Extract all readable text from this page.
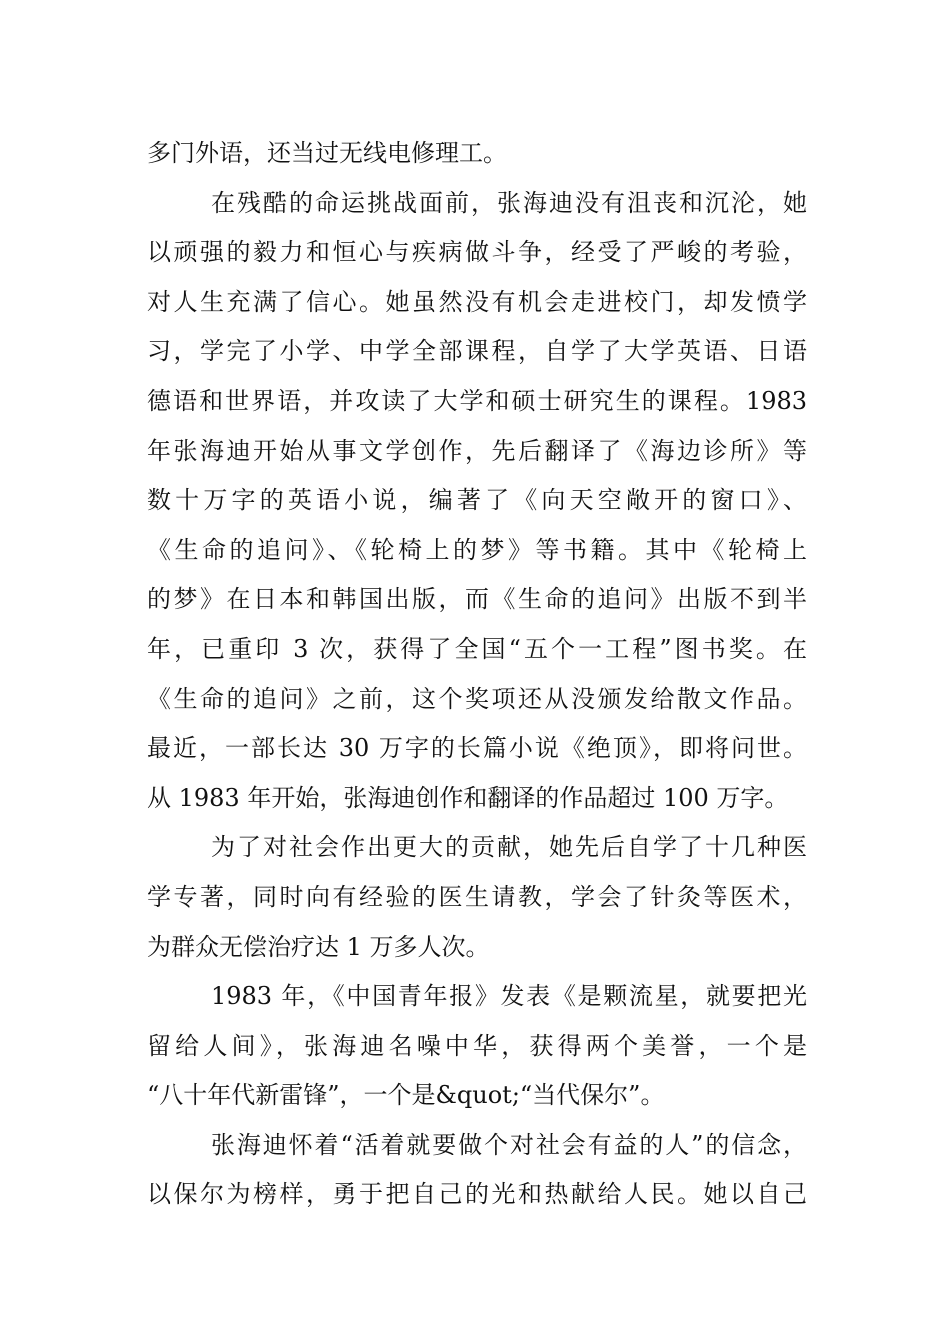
多门外语，还当过无线电修理工。
在残酷的命运挑战面前，张海迪没有沮丧和沉沦，她
以顽强的毅力和恒心与疾病做斗争，经受了严峻的考验，
对人生充满了信心。她虽然没有机会走进校门，却发愤学
习，学完了小学、中学全部课程，自学了大学英语、日语
德语和世界语，并攻读了大学和硕士研究生的课程。1983
年张海迪开始从事文学创作，先后翻译了《海边诊所》等
数十万字的英语小说，编著了《向天空敞开的窗口》、
《生命的追问》、《轮椅上的梦》等书籍。其中《轮椅上
的梦》在日本和韩国出版，而《生命的追问》出版不到半
年，已重印 3 次，获得了全国“五个一工程”图书奖。在
《生命的追问》之前，这个奖项还从没颁发给散文作品。
最近，一部长达 30 万字的长篇小说《绝顶》，即将问世。
从 1983 年开始，张海迪创作和翻译的作品超过 100 万字。
为了对社会作出更大的贡献，她先后自学了十几种医
学专著，同时向有经验的医生请教，学会了针灸等医术，
为群众无偿治疗达 1 万多人次。
1983 年，《中国青年报》发表《是颗流星，就要把光
留给人间》，张海迪名噪中华，获得两个美誉，一个是
“八十年代新雷锋”，一个是&quot;“当代保尔”。
张海迪怀着“活着就要做个对社会有益的人”的信念，
以保尔为榜样，勇于把自己的光和热献给人民。她以自己
